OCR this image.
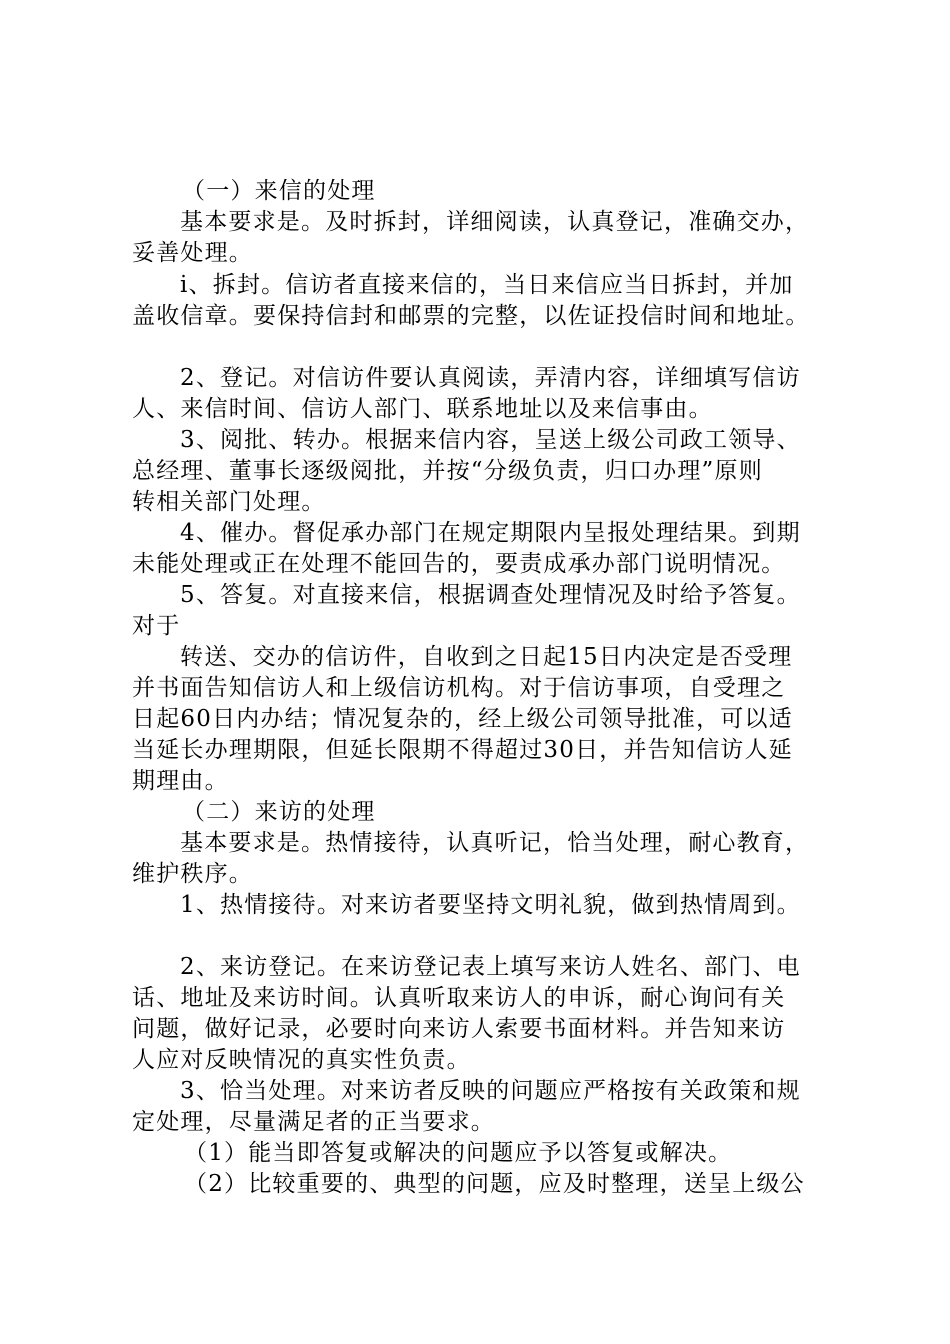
（一）来信的处理
基本要求是。及时拆封，详细阅读，认真登记，准确交办，
妥善处理。
i、拆封。信访者直接来信的，当日来信应当日拆封，并加
盖收信章。要保持信封和邮票的完整，以佐证投信时间和地址。
2、登记。对信访件要认真阅读，弄清内容，详细填写信访
人、来信时间、信访人部门、联系地址以及来信事由。
3、阅批、转办。根据来信内容，呈送上级公司政工领导、
总经理、董事长逐级阅批，并按“分级负责，归口办理”原则
转相关部门处理。
4、催办。督促承办部门在规定期限内呈报处理结果。到期
未能处理或正在处理不能回告的，要责成承办部门说明情况。
5、答复。对直接来信，根据调查处理情况及时给予答复。
对于
转送、交办的信访件，自收到之日起15日内决定是否受理
并书面告知信访人和上级信访机构。对于信访事项，自受理之
日起60日内办结；情况复杂的，经上级公司领导批准，可以适
当延长办理期限，但延长限期不得超过30日，并告知信访人延
期理由。
（二）来访的处理
基本要求是。热情接待，认真听记，恰当处理，耐心教育，
维护秩序。
1、热情接待。对来访者要坚持文明礼貌，做到热情周到。
2、来访登记。在来访登记表上填写来访人姓名、部门、电
话、地址及来访时间。认真听取来访人的申诉，耐心询问有关
问题，做好记录，必要时向来访人索要书面材料。并告知来访
人应对反映情况的真实性负责。
3、恰当处理。对来访者反映的问题应严格按有关政策和规
定处理，尽量满足者的正当要求。
（1）能当即答复或解决的问题应予以答复或解决。
（2）比较重要的、典型的问题，应及时整理，送呈上级公
